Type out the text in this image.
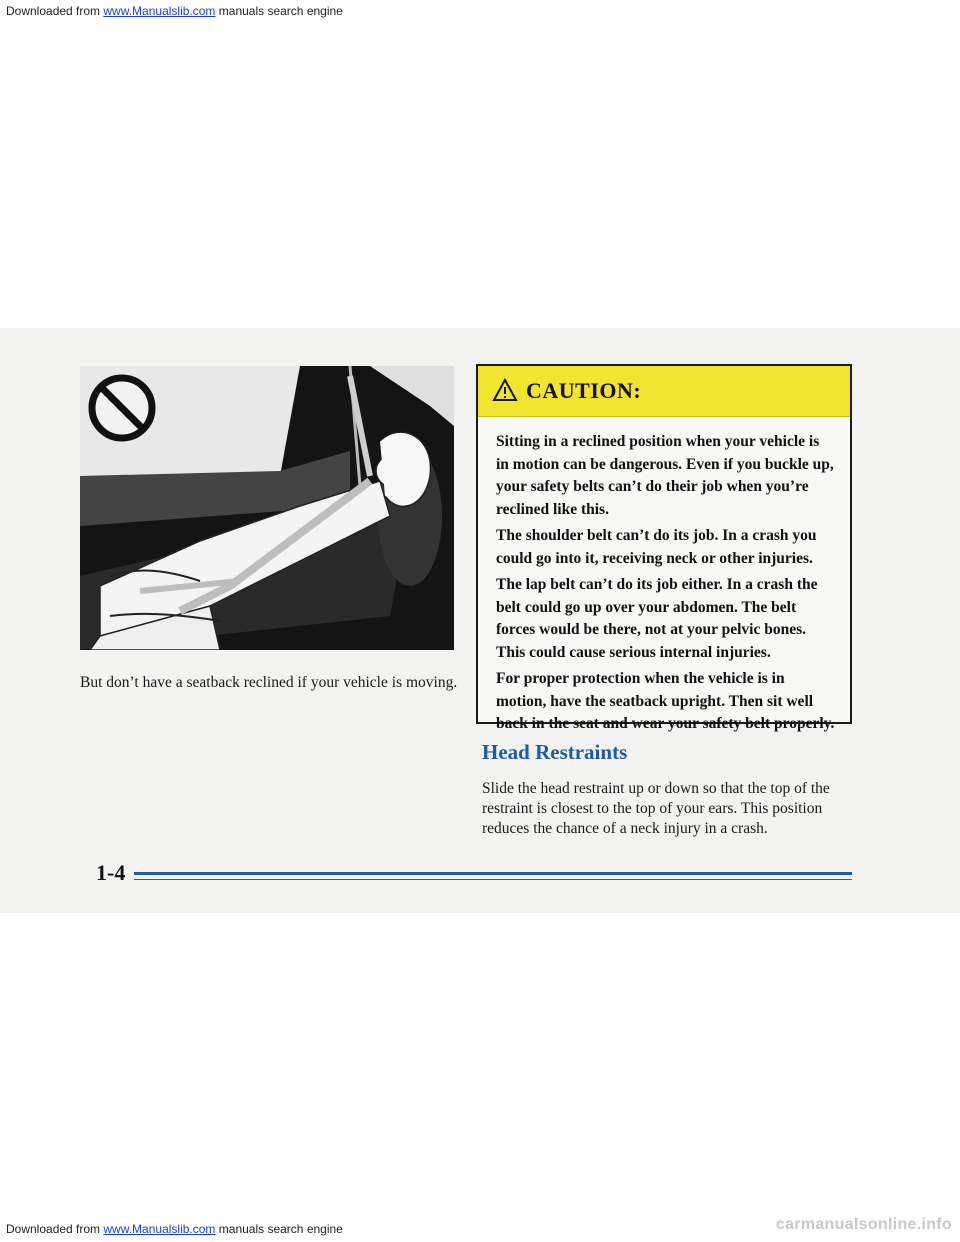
Downloaded from www.Manualslib.com manuals search engine
But don’t have a seatback reclined if your vehicle is moving.
CAUTION:

Sitting in a reclined position when your vehicle is in motion can be dangerous. Even if you buckle up, your safety belts can’t do their job when you’re reclined like this.

The shoulder belt can’t do its job. In a crash you could go into it, receiving neck or other injuries.

The lap belt can’t do its job either. In a crash the belt could go up over your abdomen. The belt forces would be there, not at your pelvic bones. This could cause serious internal injuries.

For proper protection when the vehicle is in motion, have the seatback upright. Then sit well back in the seat and wear your safety belt properly.

Head Restraints
Slide the head restraint up or down so that the top of the restraint is closest to the top of your ears. This position reduces the chance of a neck injury in a crash.
1-4
Downloaded from www.Manualslib.com manuals search engine	carmanualsonline.info
